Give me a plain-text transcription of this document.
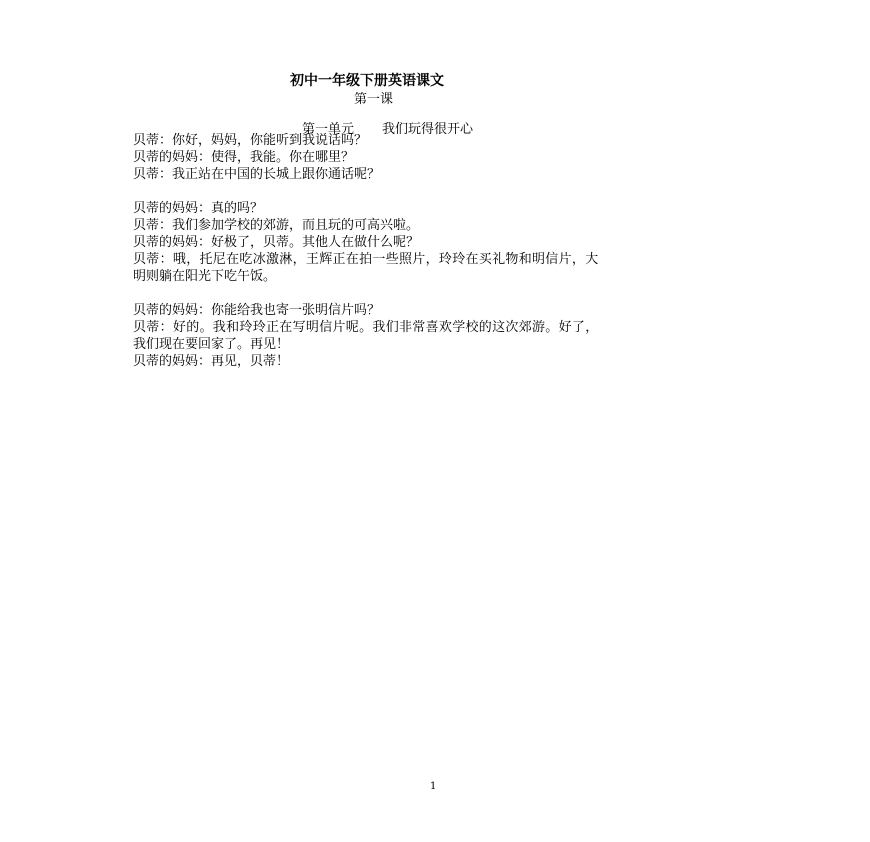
初中一年级下册英语课文
第一课
第一单元 我们玩得很开心
贝蒂：你好，妈妈，你能听到我说话吗？
贝蒂的妈妈：使得，我能。你在哪里？
贝蒂：我正站在中国的长城上跟你通话呢？
贝蒂的妈妈：真的吗？
贝蒂：我们参加学校的郊游，而且玩的可高兴啦。
贝蒂的妈妈：好极了，贝蒂。其他人在做什么呢？
贝蒂：哦，托尼在吃冰激淋，王辉正在拍一些照片，玲玲在买礼物和明信片，大
明则躺在阳光下吃午饭。
贝蒂的妈妈：你能给我也寄一张明信片吗？
贝蒂：好的。我和玲玲正在写明信片呢。我们非常喜欢学校的这次郊游。好了，
我们现在要回家了。再见！
贝蒂的妈妈：再见，贝蒂！
1
